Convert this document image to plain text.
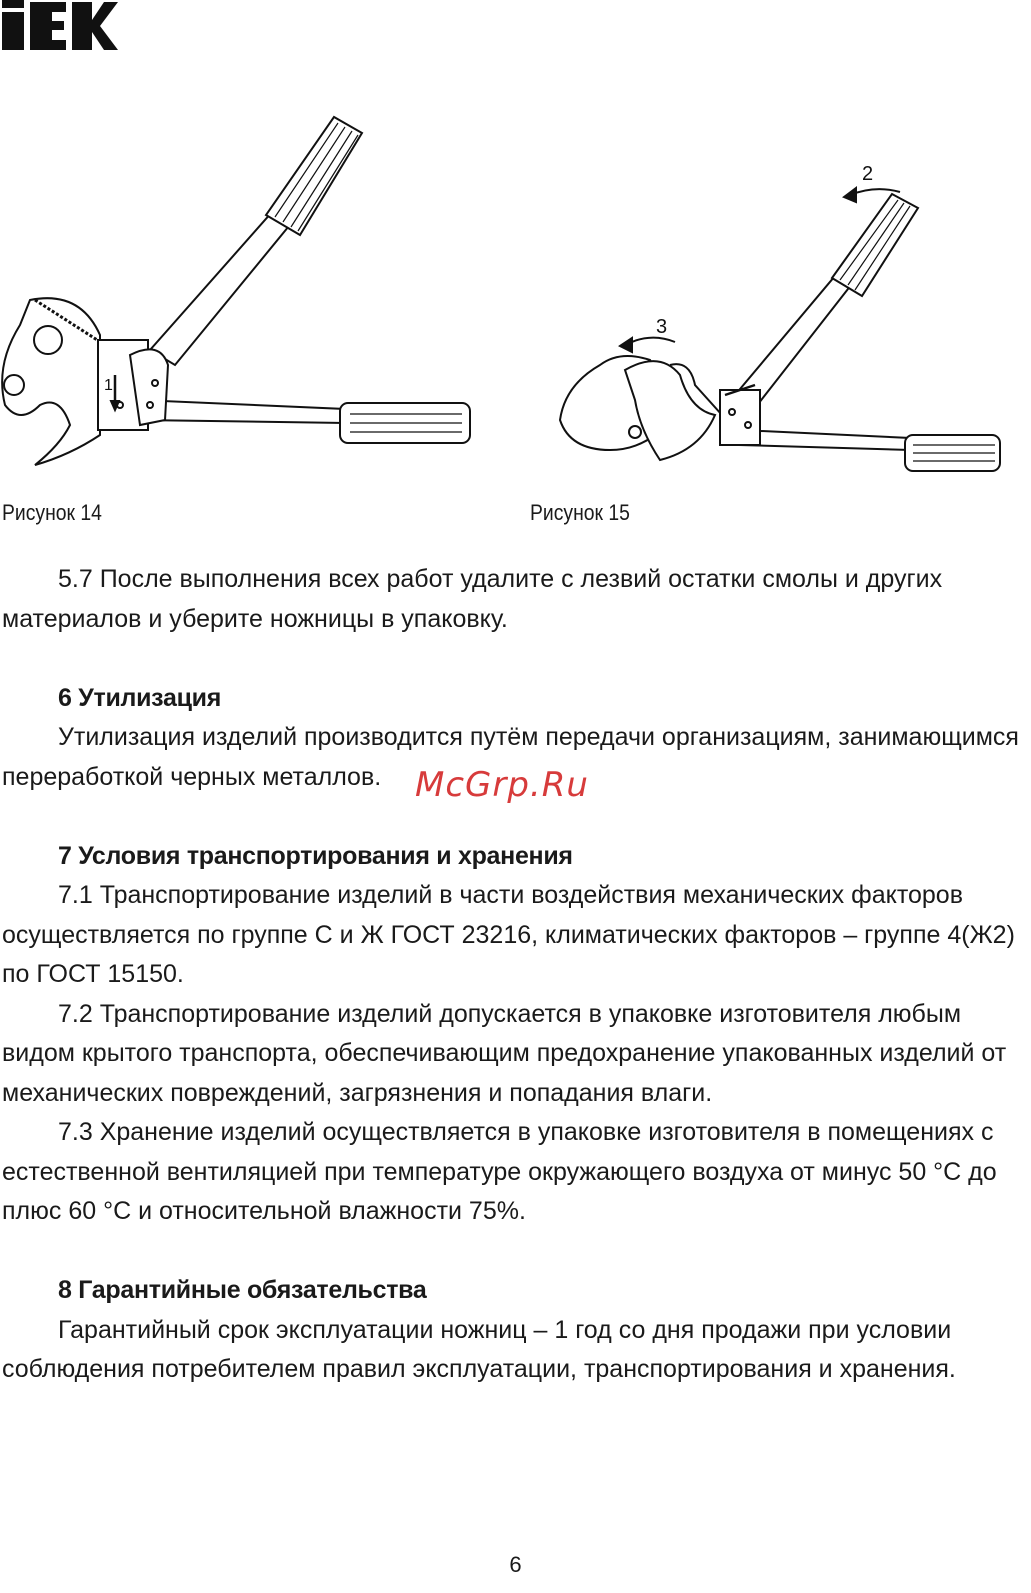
1
2
3
Рисунок 14	Рисунок 15

5.7 После выполнения всех работ удалите с лезвий остатки смолы и других материалов и уберите ножницы в упаковку.

6 Утилизация

Утилизация изделий производится путём передачи организациям, занимающимся переработкой черных металлов.

7 Условия транспортирования и хранения

7.1 Транспортирование изделий в части воздействия механических факторов осуществляется по группе С и Ж ГОСТ 23216, климатических факторов – группе 4(Ж2) по ГОСТ 15150.

7.2 Транспортирование изделий допускается в упаковке изготовителя любым видом крытого транспорта, обеспечивающим предохранение упакованных изделий от механических повреждений, загрязнения и попадания влаги.

7.3 Хранение изделий осуществляется в упаковке изготовителя в помещениях с естественной вентиляцией при температуре окружающего воздуха от минус 50 °С до плюс 60 °С и относительной влажности 75%.

8 Гарантийные обязательства

Гарантийный срок эксплуатации ножниц – 1 год со дня продажи при условии соблюдения потребителем правил эксплуатации, транспортирования и хранения.

McGrp.Ru
6
